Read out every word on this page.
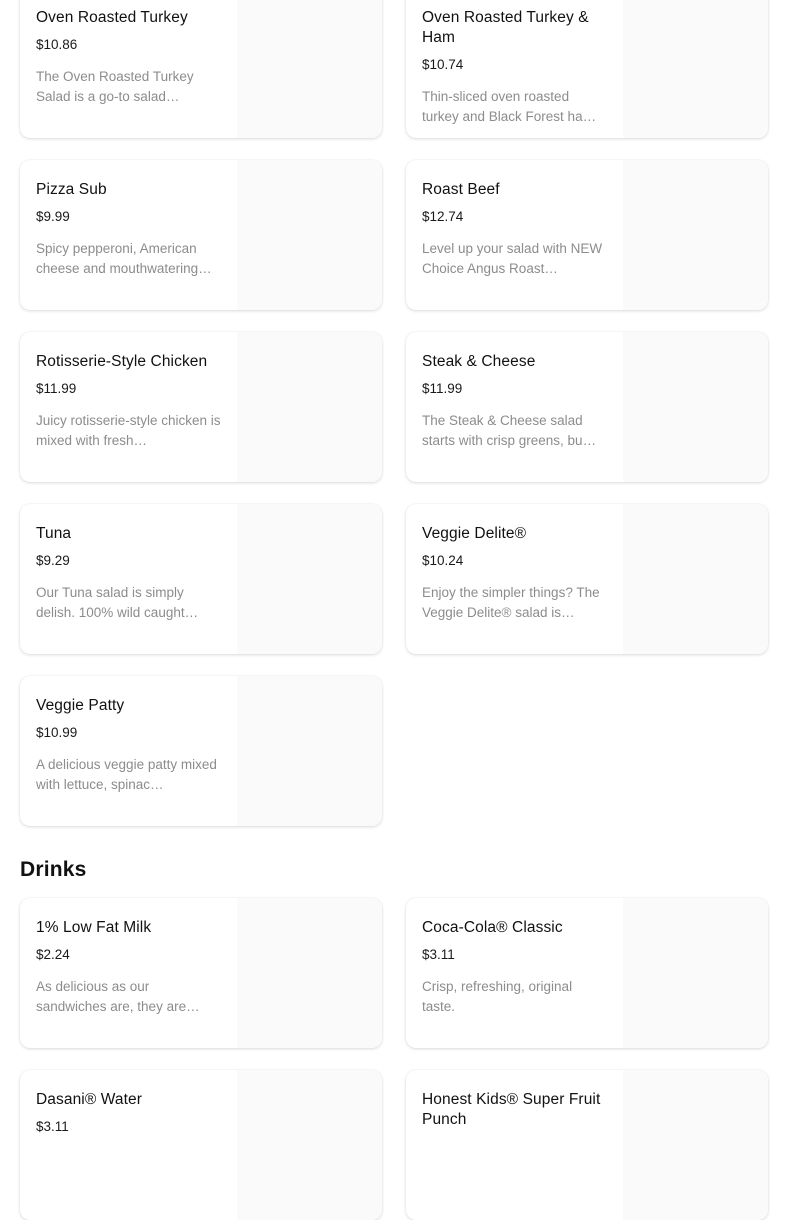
Oven Roasted Turkey
$10.86
The Oven Roasted Turkey Salad is a go-to salad…
Oven Roasted Turkey & Ham
$10.74
Thin-sliced oven roasted turkey and Black Forest ha…
Pizza Sub
$9.99
Spicy pepperoni, American cheese and mouthwatering…
Roast Beef
$12.74
Level up your salad with NEW Choice Angus Roast…
Rotisserie-Style Chicken
$11.99
Juicy rotisserie-style chicken is mixed with fresh…
Steak & Cheese
$11.99
The Steak & Cheese salad starts with crisp greens, bu…
Tuna
$9.29
Our Tuna salad is simply delish. 100% wild caught…
Veggie Delite®
$10.24
Enjoy the simpler things? The Veggie Delite® salad is…
Veggie Patty
$10.99
A delicious veggie patty mixed with lettuce, spinac…
Drinks
1% Low Fat Milk
$2.24
As delicious as our sandwiches are, they are…
Coca-Cola® Classic
$3.11
Crisp, refreshing, original taste.
Dasani® Water
$3.11
Honest Kids® Super Fruit Punch
